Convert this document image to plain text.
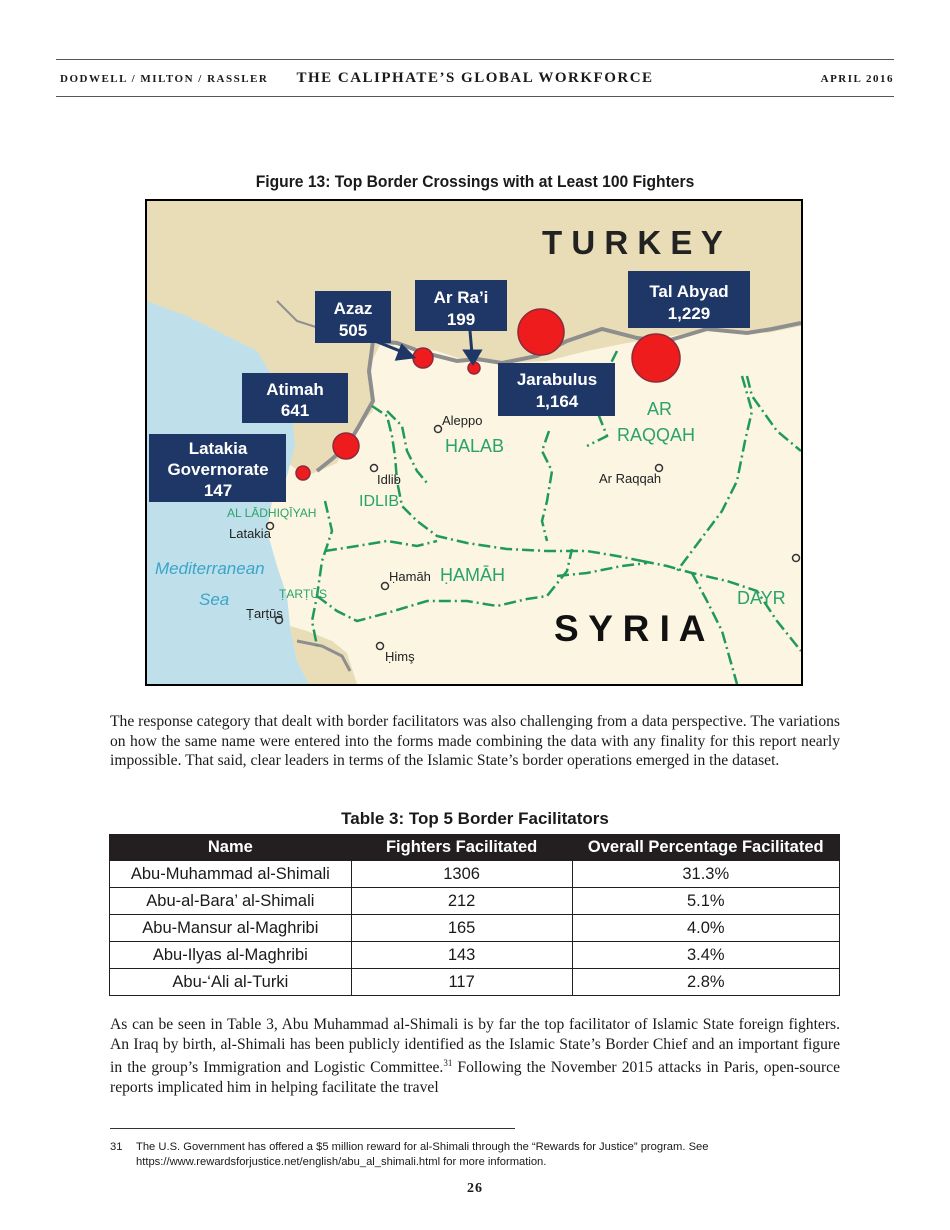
DODWELL / MILTON / RASSLER	THE CALIPHATE’S GLOBAL WORKFORCE	APRIL 2016
Figure 13: Top Border Crossings with at Least 100 Fighters
T U R K E Y
S Y R I A
Mediterranean
Sea
HALAB
AR
RAQQAH
IDLIB
AL LĀDHIQĪYAH
ḤAMĀH
ṬARṬŪS	DAYR
Aleppo
Idlib	Ar Raqqah
Latakia
Ḥamāh
Ṭarṭūs
Ḥimş
Azaz
505
Ar Ra’i
199
Tal Abyad
1,229
Atimah
641
Jarabulus
1,164
Latakia
Governorate
147
The response category that dealt with border facilitators was also challenging from a data perspective. The variations on how the same name were entered into the forms made combining the data with any finality for this report nearly impossible. That said, clear leaders in terms of the Islamic State’s border operations emerged in the dataset.
Table 3: Top 5 Border Facilitators
Name	Fighters Facilitated	Overall Percentage Facilitated
Abu-Muhammad al-Shimali	1306	31.3%
Abu-al-Bara’ al-Shimali	212	5.1%
Abu-Mansur al-Maghribi	165	4.0%
Abu-Ilyas al-Maghribi	143	3.4%
Abu-‘Ali al-Turki	117	2.8%
As can be seen in Table 3, Abu Muhammad al-Shimali is by far the top facilitator of Islamic State foreign fighters. An Iraq by birth, al-Shimali has been publicly identified as the Islamic State’s Border Chief and an important figure in the group’s Immigration and Logistic Committee.$^{31}$ Following the November 2015 attacks in Paris, open-source reports implicated him in helping facilitate the travel
31 The U.S. Government has offered a $5 million reward for al-Shimali through the “Rewards for Justice” program. See https://www.rewardsforjustice.net/english/abu_al_shimali.html for more information.
26
